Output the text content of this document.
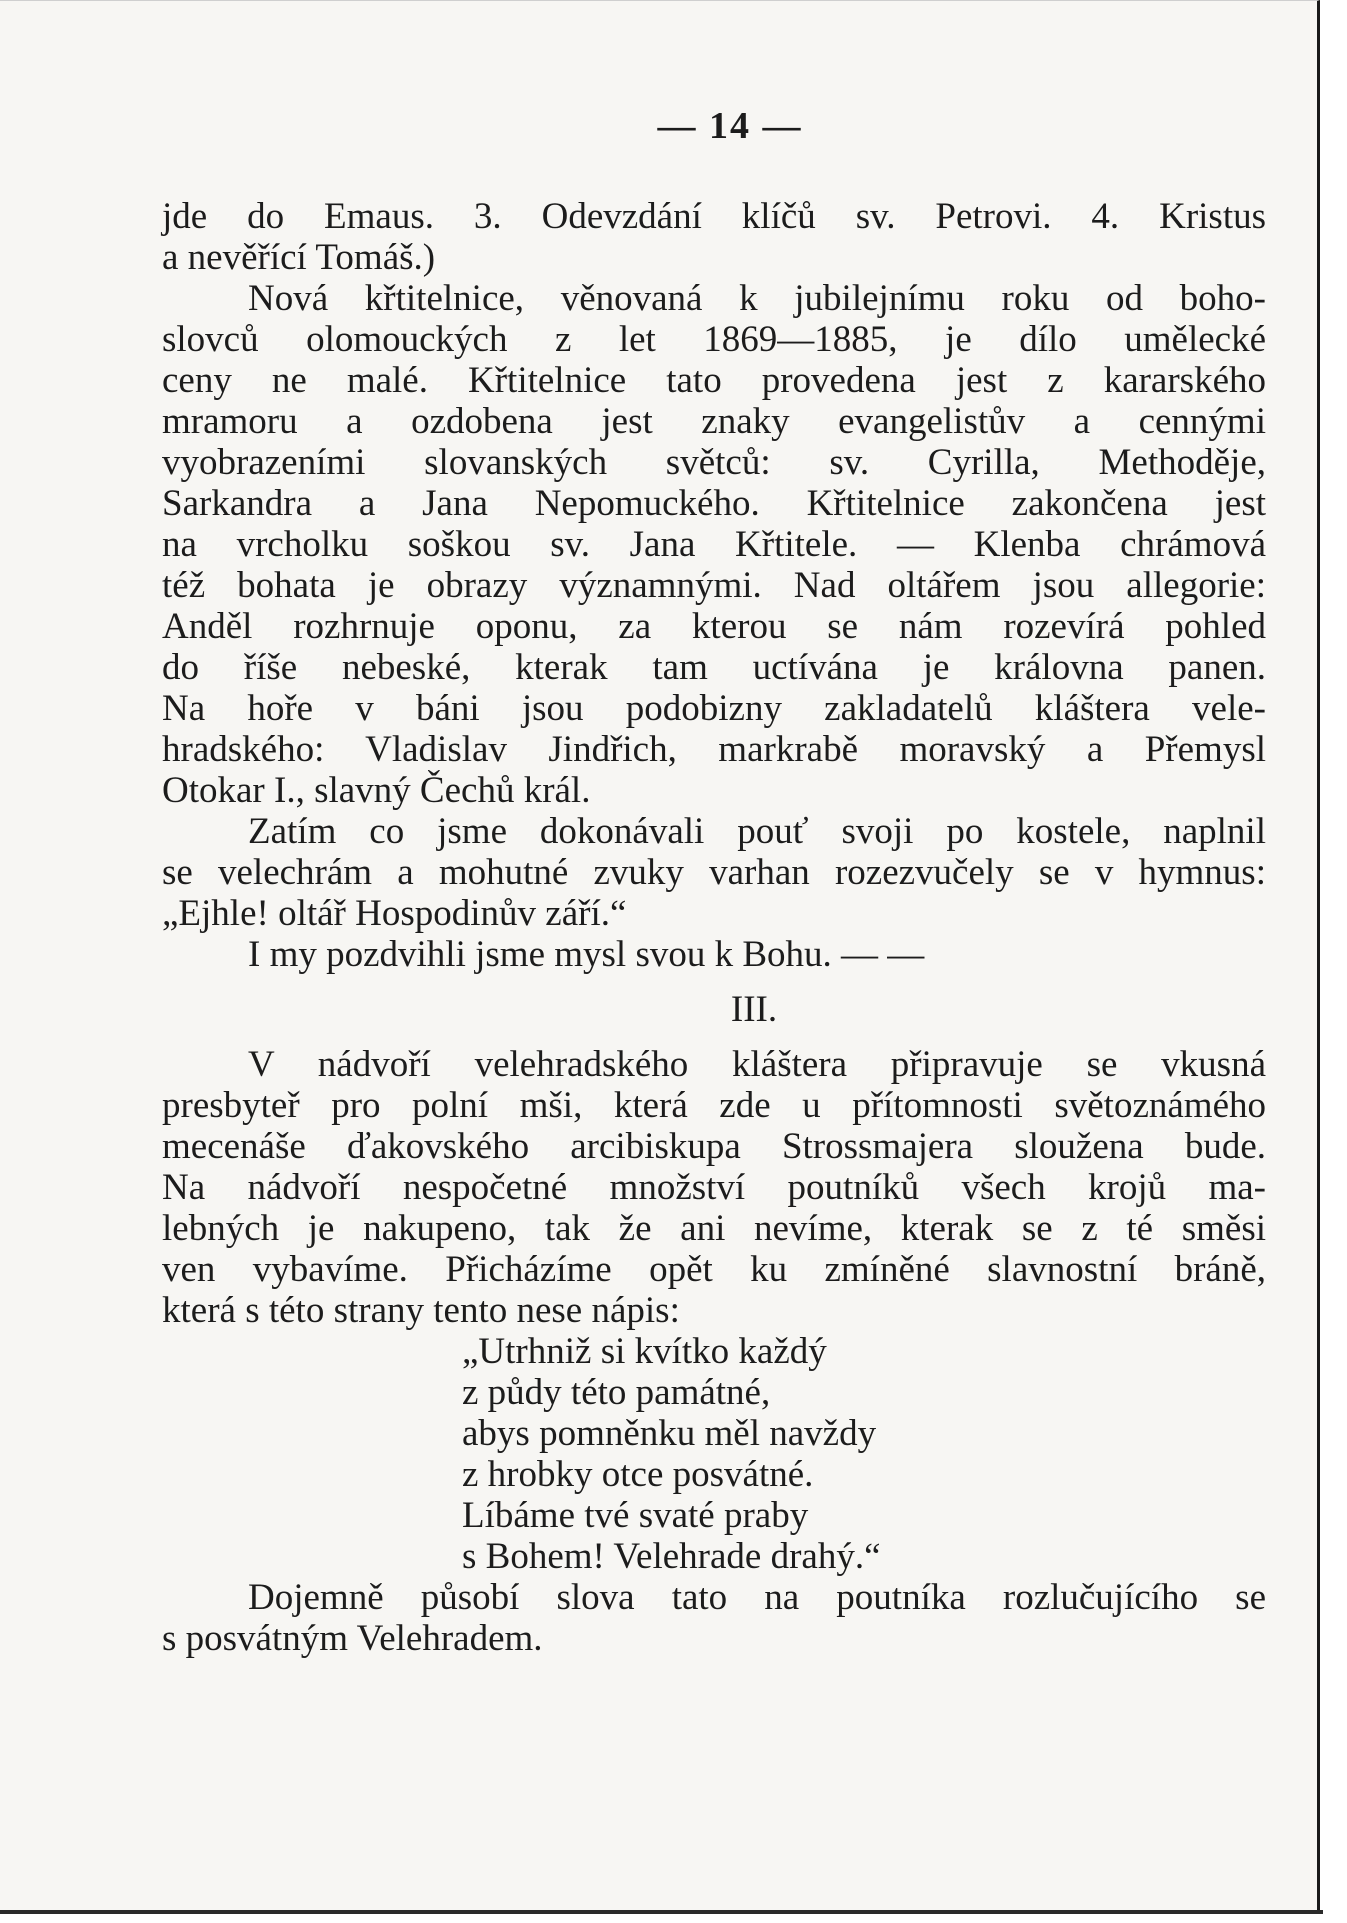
— 14 —
jde do Emaus. 3. Odevzdání klíčů sv. Petrovi. 4. Kristus
a nevěřící Tomáš.)
Nová křtitelnice, věnovaná k jubilejnímu roku od boho-
slovců olomouckých z let 1869—1885, je dílo umělecké
ceny ne malé. Křtitelnice tato provedena jest z kararského
mramoru a ozdobena jest znaky evangelistův a cennými
vyobrazeními slovanských světců: sv. Cyrilla, Methoděje,
Sarkandra a Jana Nepomuckého. Křtitelnice zakončena jest
na vrcholku soškou sv. Jana Křtitele. — Klenba chrámová
též bohata je obrazy významnými. Nad oltářem jsou allegorie:
Anděl rozhrnuje oponu, za kterou se nám rozevírá pohled
do říše nebeské, kterak tam uctívána je královna panen.
Na hoře v báni jsou podobizny zakladatelů kláštera vele-
hradského: Vladislav Jindřich, markrabě moravský a Přemysl
Otokar I., slavný Čechů král.
Zatím co jsme dokonávali pouť svoji po kostele, naplnil
se velechrám a mohutné zvuky varhan rozezvučely se v hymnus:
„Ejhle! oltář Hospodinův září.“
I my pozdvihli jsme mysl svou k Bohu. — —
III.
V nádvoří velehradského kláštera připravuje se vkusná
presbyteř pro polní mši, která zde u přítomnosti světoznámého
mecenáše ďakovského arcibiskupa Strossmajera sloužena bude.
Na nádvoří nespočetné množství poutníků všech krojů ma-
lebných je nakupeno, tak že ani nevíme, kterak se z té směsi
ven vybavíme. Přicházíme opět ku zmíněné slavnostní bráně,
která s této strany tento nese nápis:
„Utrhniž si kvítko každý
z půdy této památné,
abys pomněnku měl navždy
z hrobky otce posvátné.
Líbáme tvé svaté praby
s Bohem! Velehrade drahý.“
Dojemně působí slova tato na poutníka rozlučujícího se
s posvátným Velehradem.
